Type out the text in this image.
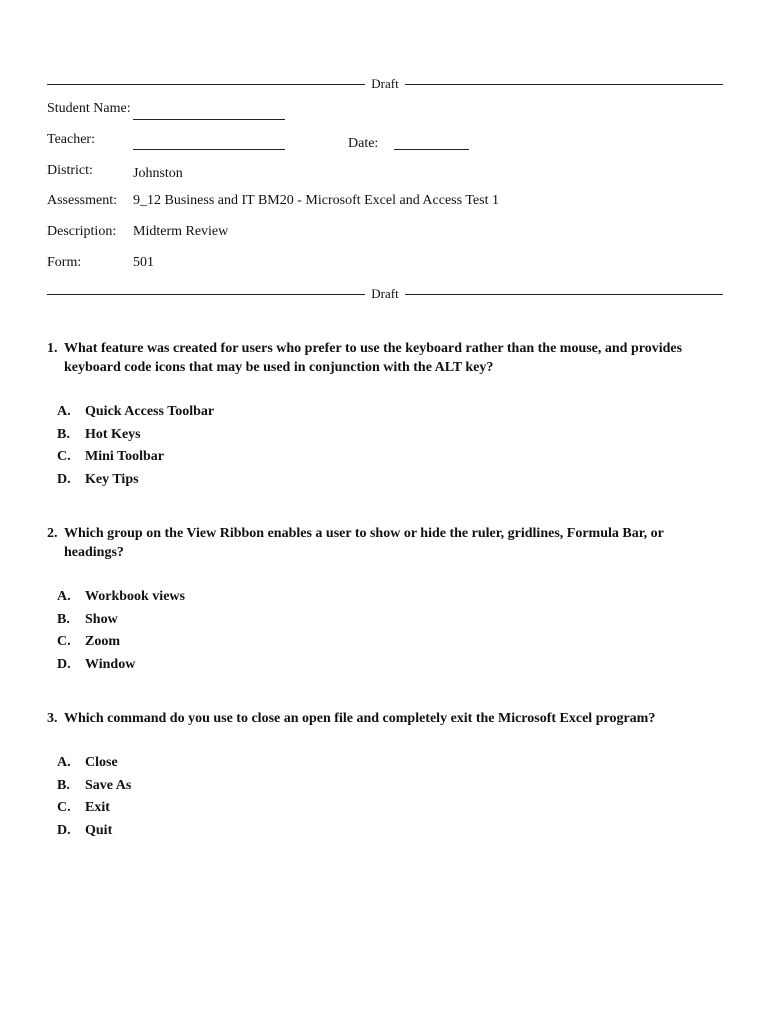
Draft
Student Name:
Teacher:	Date:
District:	Johnston
Assessment: 9_12 Business and IT BM20 - Microsoft Excel and Access Test 1
Description: Midterm Review
Form:	501
Draft
1. What feature was created for users who prefer to use the keyboard rather than the mouse, and provides keyboard code icons that may be used in conjunction with the ALT key?
A. Quick Access Toolbar
B. Hot Keys
C. Mini Toolbar
D. Key Tips
2. Which group on the View Ribbon enables a user to show or hide the ruler, gridlines, Formula Bar, or headings?
A. Workbook views
B. Show
C. Zoom
D. Window
3. Which command do you use to close an open file and completely exit the Microsoft Excel program?
A. Close
B. Save As
C. Exit
D. Quit
